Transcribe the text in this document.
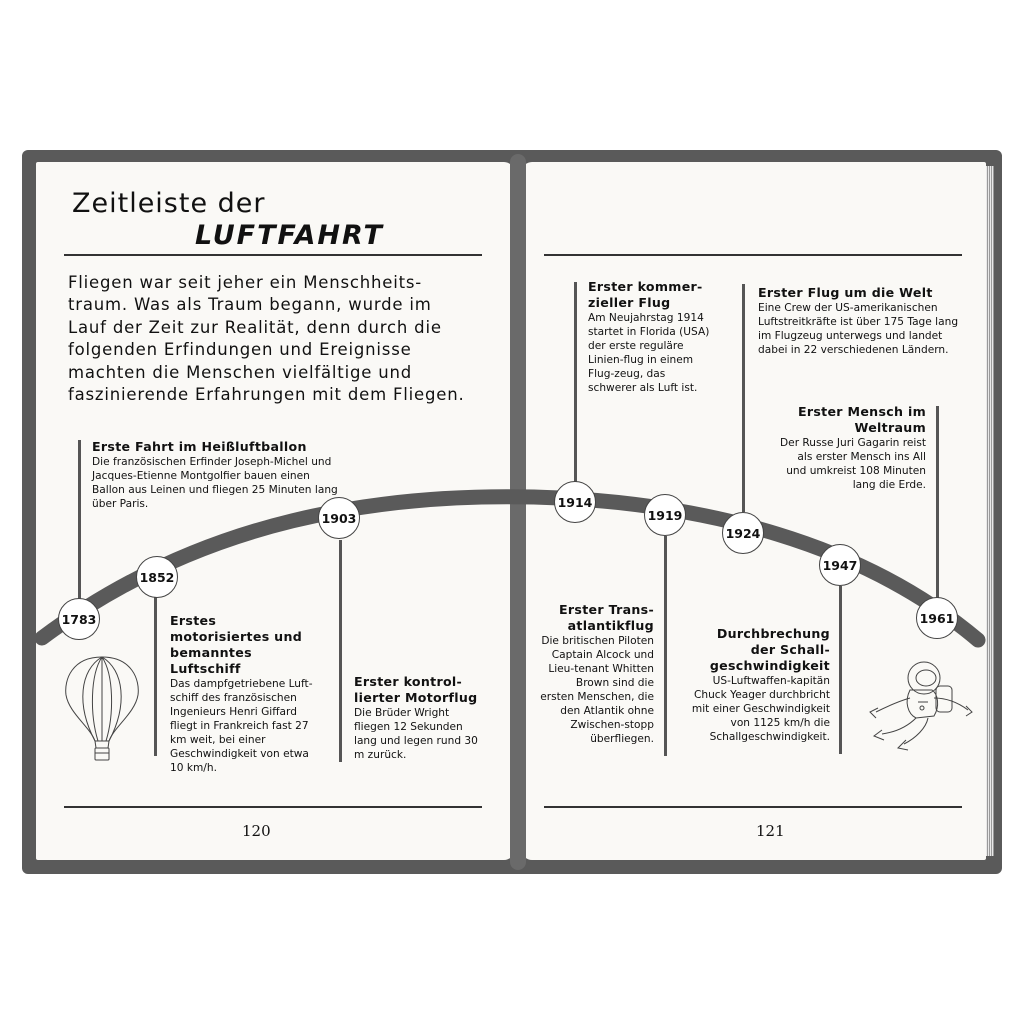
Zeitleiste der
LUFTFAHRT
Fliegen war seit jeher ein Menschheits-traum. Was als Traum begann, wurde im Lauf der Zeit zur Realität, denn durch die folgenden Erfindungen und Ereignisse machten die Menschen vielfältige und faszinierende Erfahrungen mit dem Fliegen.
1783
1852
1903
1914
1919
1924
1947
1961
Erste Fahrt im Heißluftballon
Die französischen Erfinder Joseph-Michel und Jacques-Etienne Montgolfier bauen einen Ballon aus Leinen und fliegen 25 Minuten lang über Paris.
Erstes motorisiertes und bemanntes Luftschiff
Das dampfgetriebene Luft-schiff des französischen Ingenieurs Henri Giffard fliegt in Frankreich fast 27 km weit, bei einer Geschwindigkeit von etwa 10 km/h.
Erster kontrol-lierter Motorflug
Die Brüder Wright fliegen 12 Sekunden lang und legen rund 30 m zurück.
Erster kommer-zieller Flug
Am Neujahrstag 1914 startet in Florida (USA) der erste reguläre Linien-flug in einem Flug-zeug, das schwerer als Luft ist.
Erster Trans-atlantikflug
Die britischen Piloten Captain Alcock und Lieu-tenant Whitten Brown sind die ersten Menschen, die den Atlantik ohne Zwischen-stopp überfliegen.
Erster Flug um die Welt
Eine Crew der US-amerikanischen Luftstreitkräfte ist über 175 Tage lang im Flugzeug unterwegs und landet dabei in 22 verschiedenen Ländern.
Durchbrechung der Schall-geschwindigkeit
US-Luftwaffen-kapitän Chuck Yeager durchbricht mit einer Geschwindigkeit von 1125 km/h die Schallgeschwindigkeit.
Erster Mensch im Weltraum
Der Russe Juri Gagarin reist als erster Mensch ins All und umkreist 108 Minuten lang die Erde.
120	121
